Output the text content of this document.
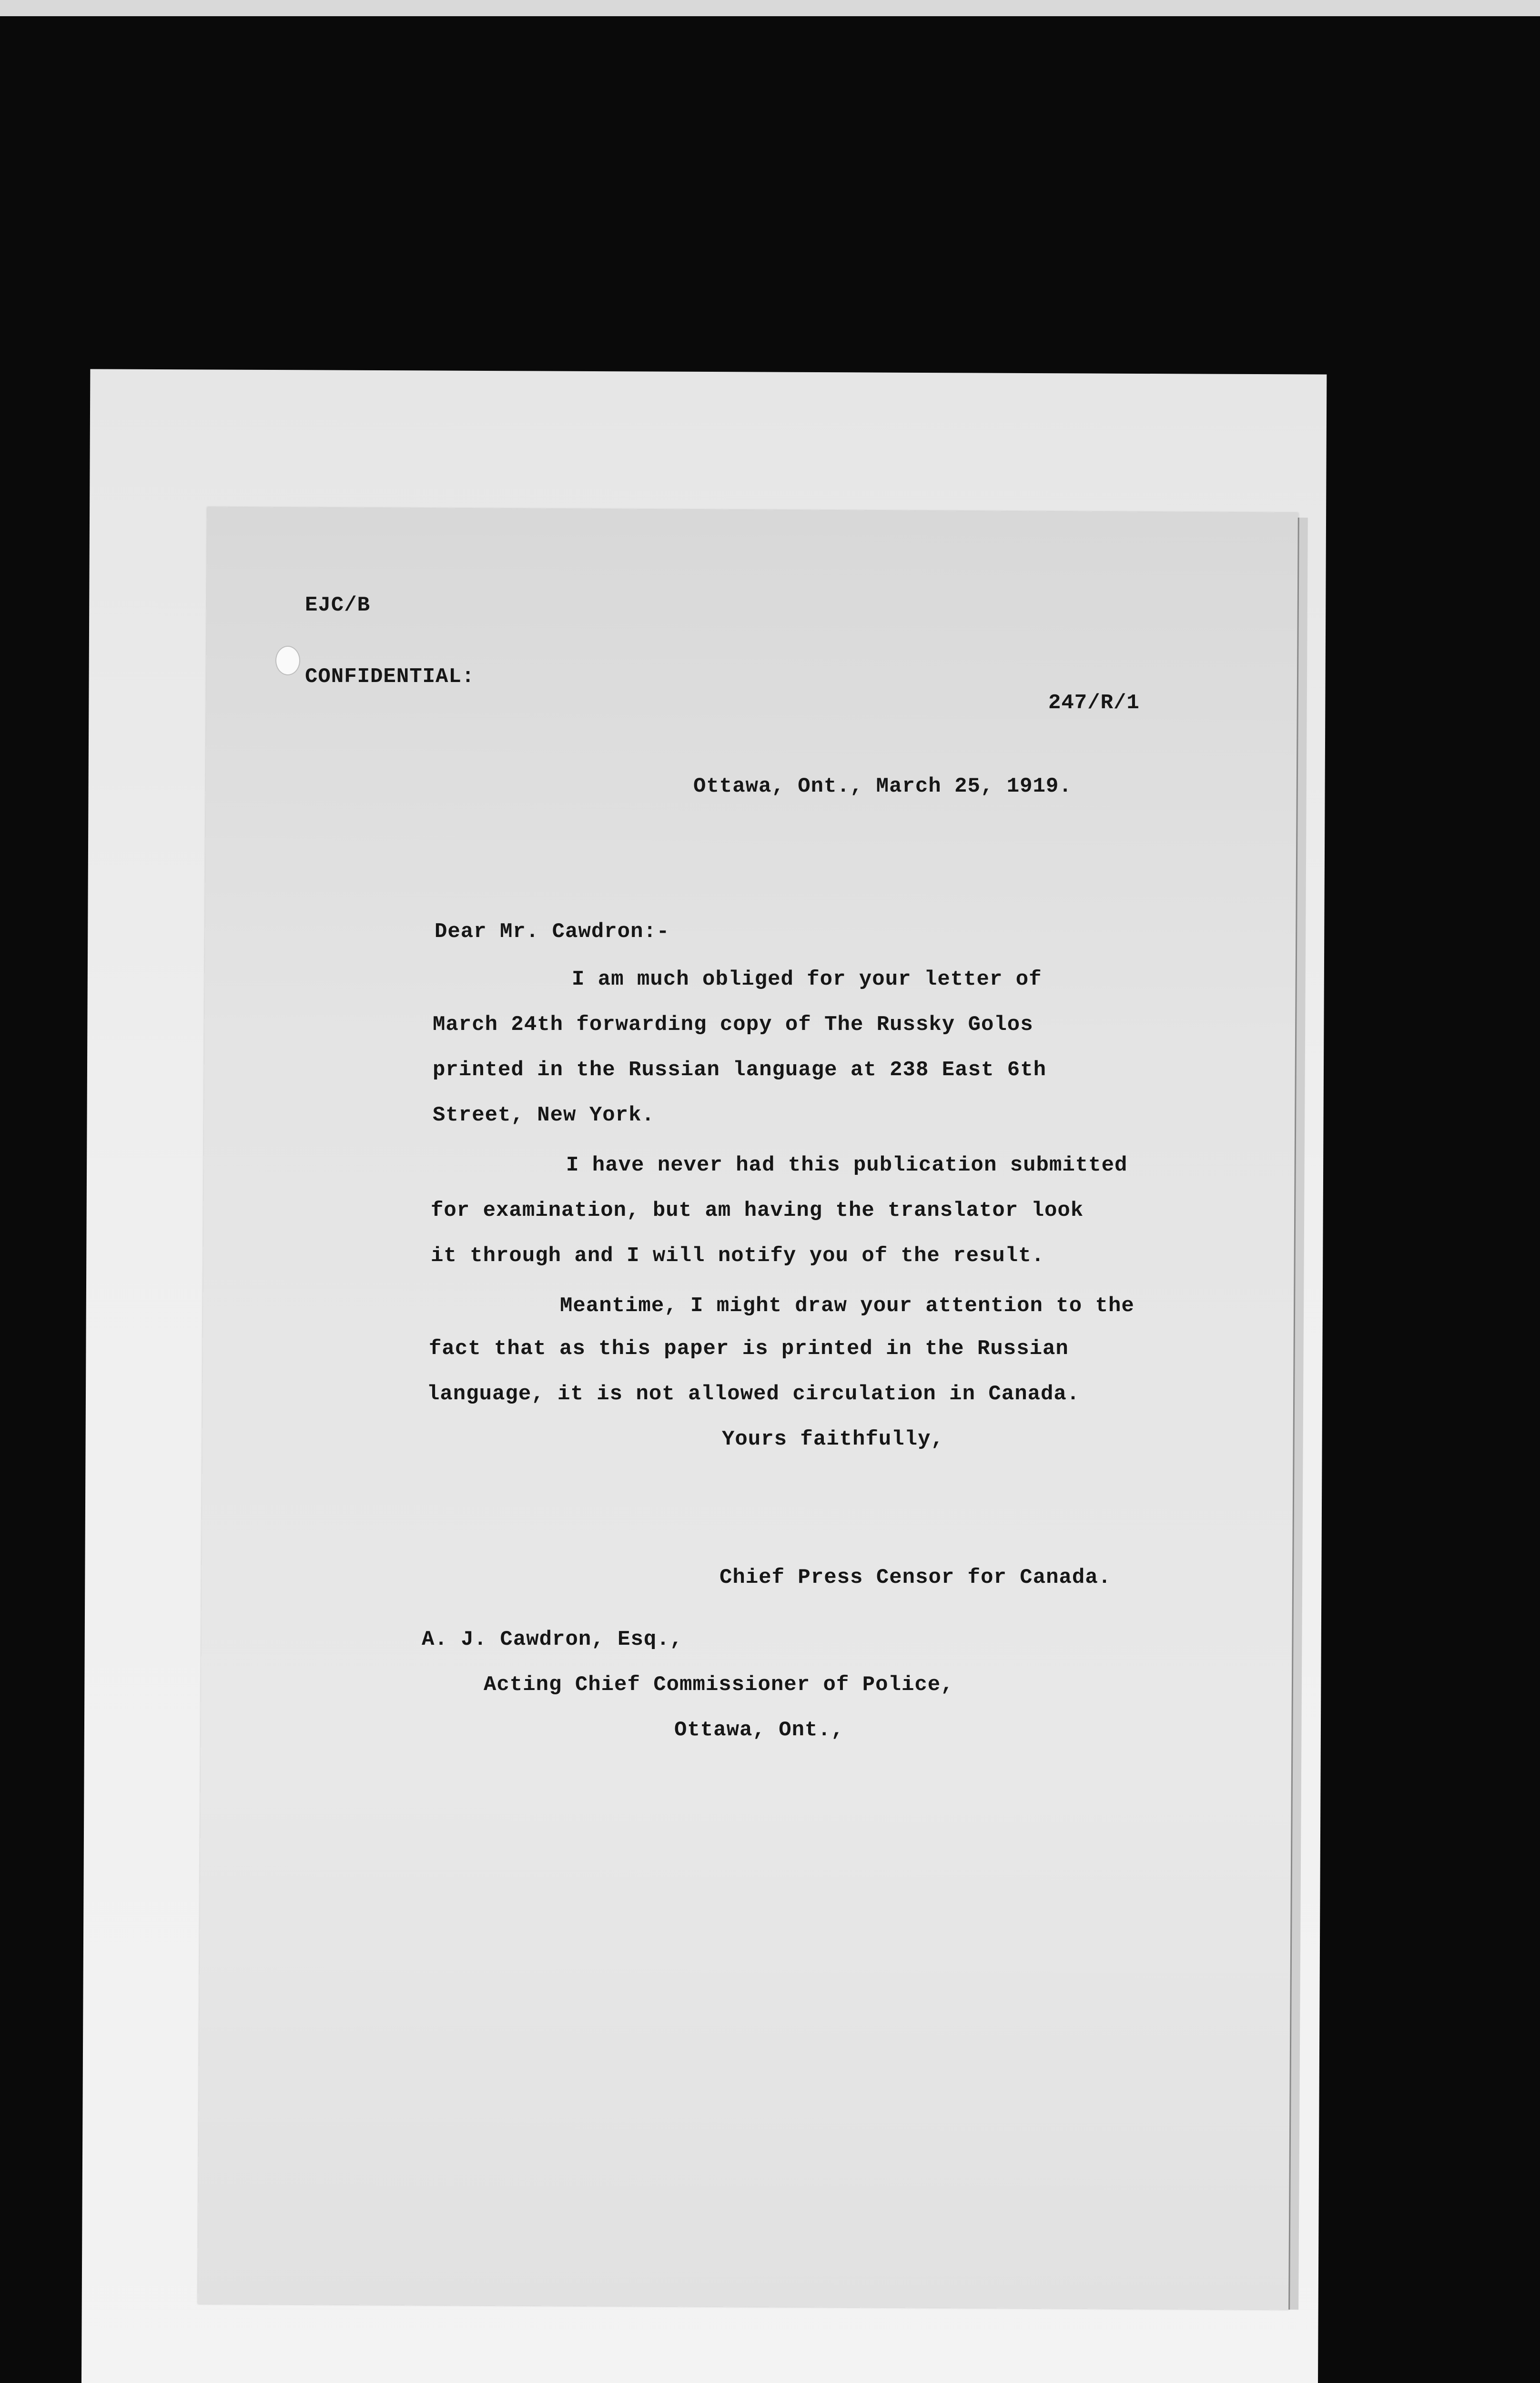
EJC/B
CONFIDENTIAL:
247/R/1
Ottawa, Ont., March 25, 1919.
Dear Mr. Cawdron:-
I am much obliged for your letter of
March 24th forwarding copy of The Russky Golos
printed in the Russian language at 238 East 6th
Street, New York.
I have never had this publication submitted
for examination, but am having the translator look
it through and I will notify you of the result.
Meantime, I might draw your attention to the
fact that as this paper is printed in the Russian
language, it is not allowed circulation in Canada.
Yours faithfully,
Chief Press Censor for Canada.
A. J. Cawdron, Esq.,
Acting Chief Commissioner of Police,
Ottawa, Ont.,
